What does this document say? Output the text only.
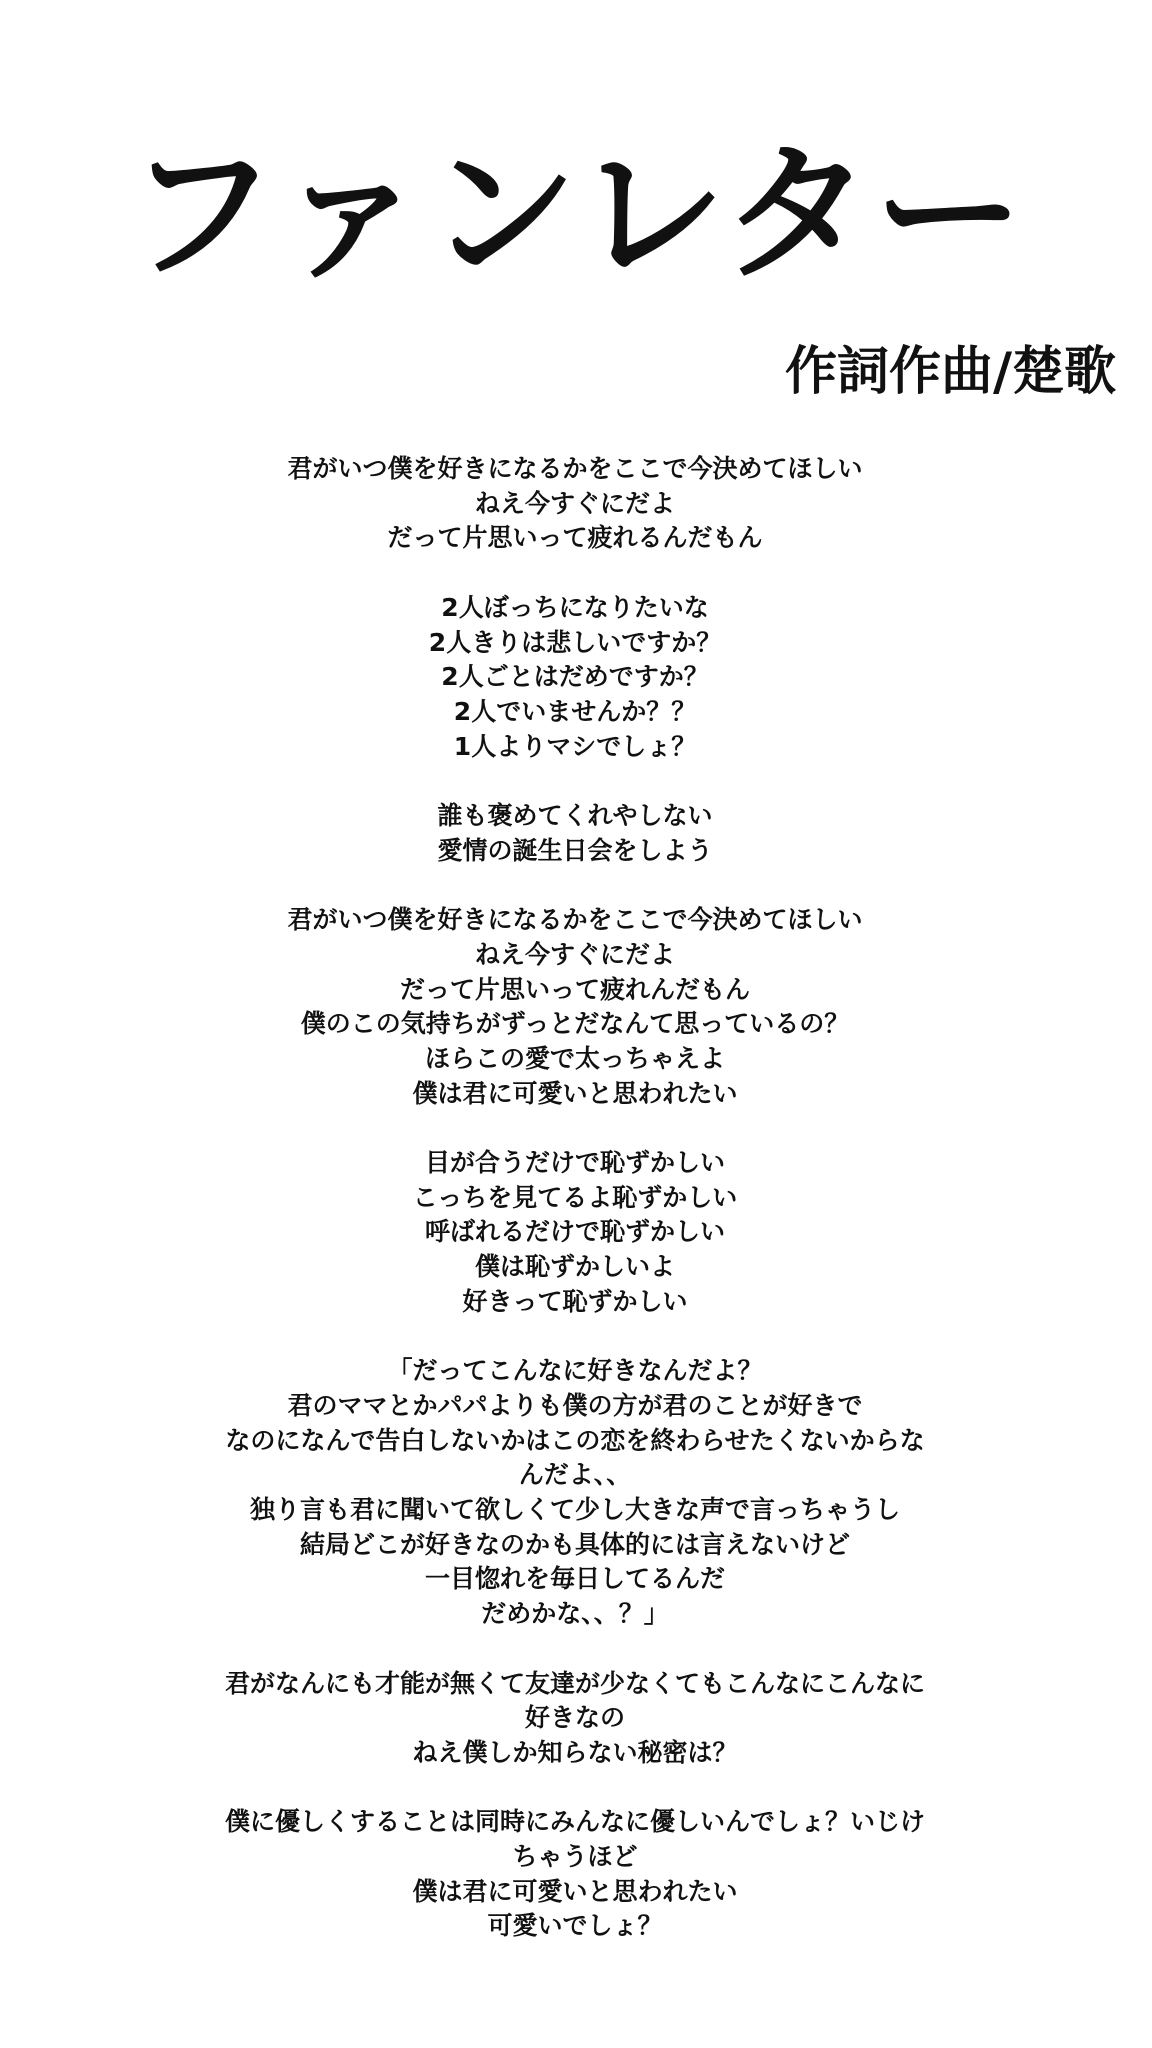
ファンレター
作詞作曲/楚歌
君がいつ僕を好きになるかをここで今決めてほしい
ねえ今すぐにだよ
だって片思いって疲れるんだもん
2人ぼっちになりたいな
2人きりは悲しいですか？
2人ごとはだめですか？
2人でいませんか？？
1人よりマシでしょ？
誰も褒めてくれやしない
愛情の誕生日会をしよう
君がいつ僕を好きになるかをここで今決めてほしい
ねえ今すぐにだよ
だって片思いって疲れんだもん
僕のこの気持ちがずっとだなんて思っているの？
ほらこの愛で太っちゃえよ
僕は君に可愛いと思われたい
目が合うだけで恥ずかしい
こっちを見てるよ恥ずかしい
呼ばれるだけで恥ずかしい
僕は恥ずかしいよ
好きって恥ずかしい
「だってこんなに好きなんだよ？
君のママとかパパよりも僕の方が君のことが好きで
なのになんで告白しないかはこの恋を終わらせたくないからな
んだよ、、
独り言も君に聞いて欲しくて少し大きな声で言っちゃうし
結局どこが好きなのかも具体的には言えないけど
一目惚れを毎日してるんだ
だめかな、、？」
君がなんにも才能が無くて友達が少なくてもこんなにこんなに
好きなの
ねえ僕しか知らない秘密は？
僕に優しくすることは同時にみんなに優しいんでしょ？いじけ
ちゃうほど
僕は君に可愛いと思われたい
可愛いでしょ？
